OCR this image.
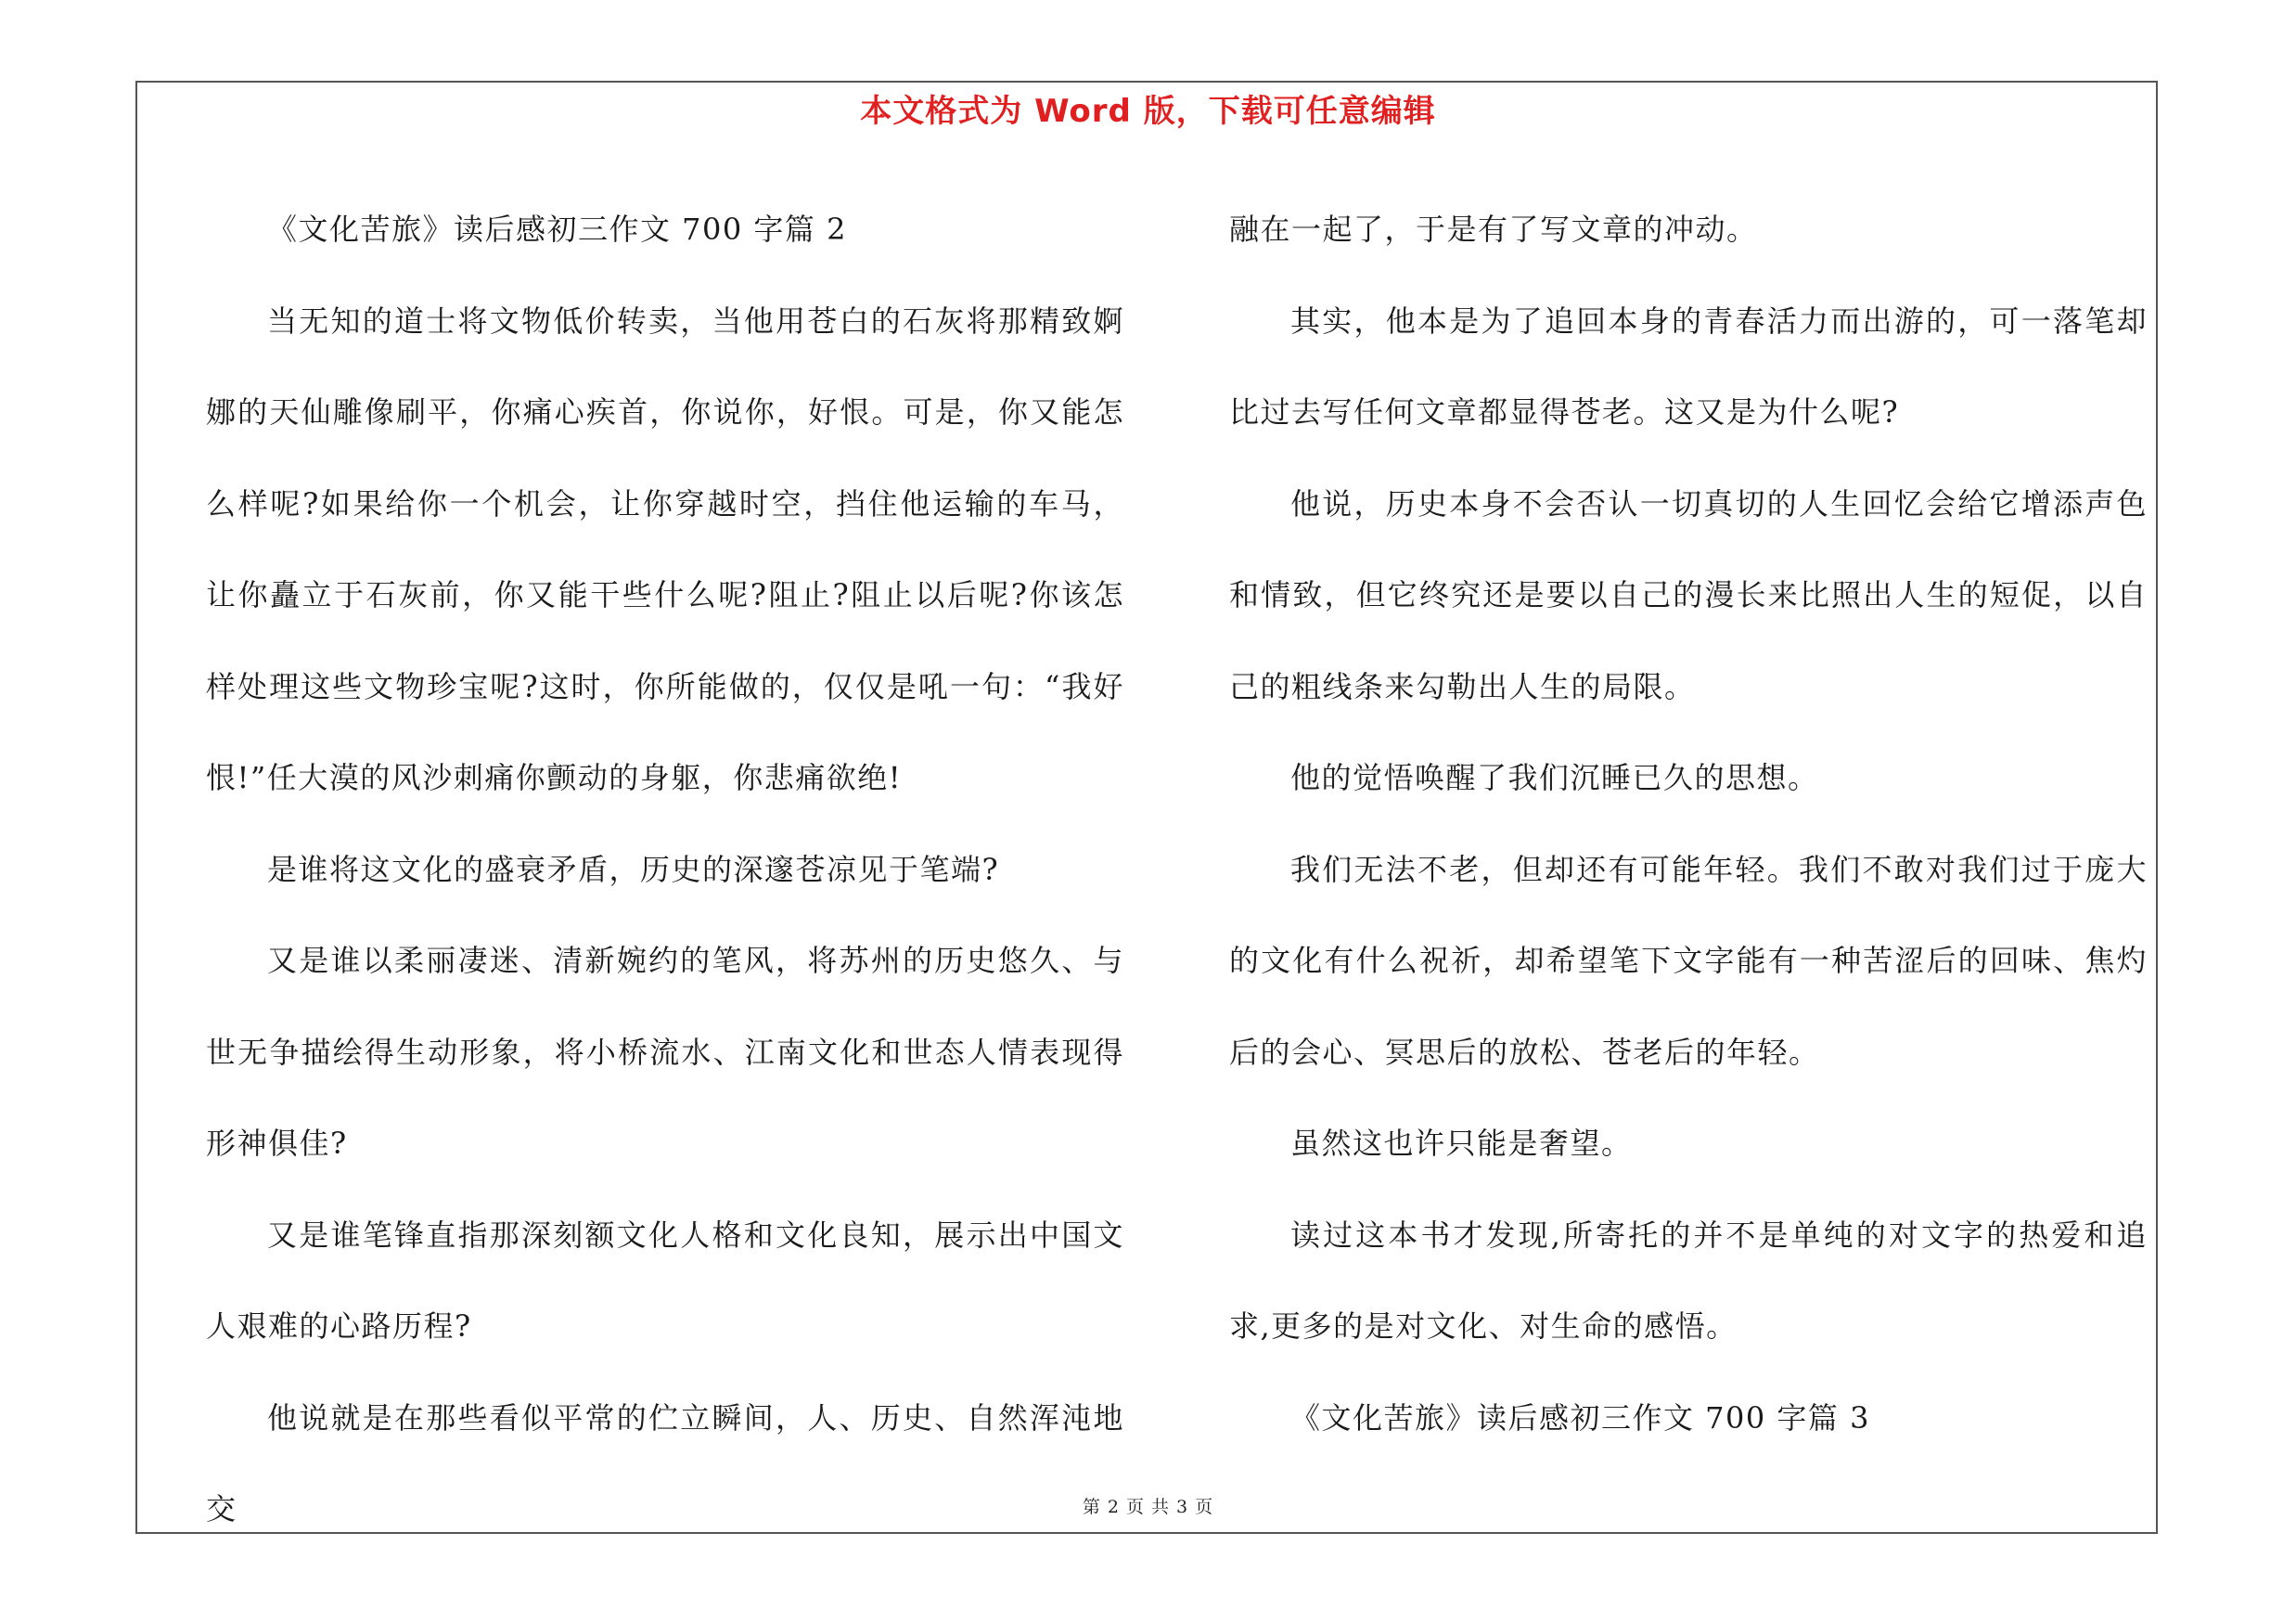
本文格式为 Word 版，下载可任意编辑

《文化苦旅》读后感初三作文 700 字篇 2

当无知的道士将文物低价转卖，当他用苍白的石灰将那精致婀娜的天仙雕像刷平，你痛心疾首，你说你，好恨。可是，你又能怎么样呢?如果给你一个机会，让你穿越时空，挡住他运输的车马，让你矗立于石灰前，你又能干些什么呢?阻止?阻止以后呢?你该怎样处理这些文物珍宝呢?这时，你所能做的，仅仅是吼一句：“我好恨!”任大漠的风沙刺痛你颤动的身躯，你悲痛欲绝!

是谁将这文化的盛衰矛盾，历史的深邃苍凉见于笔端?

又是谁以柔丽凄迷、清新婉约的笔风，将苏州的历史悠久、与世无争描绘得生动形象，将小桥流水、江南文化和世态人情表现得形神俱佳?

又是谁笔锋直指那深刻额文化人格和文化良知，展示出中国文人艰难的心路历程?

他说就是在那些看似平常的伫立瞬间，人、历史、自然浑沌地交

融在一起了，于是有了写文章的冲动。

其实，他本是为了追回本身的青春活力而出游的，可一落笔却比过去写任何文章都显得苍老。这又是为什么呢?

他说，历史本身不会否认一切真切的人生回忆会给它增添声色和情致，但它终究还是要以自己的漫长来比照出人生的短促，以自己的粗线条来勾勒出人生的局限。

他的觉悟唤醒了我们沉睡已久的思想。

我们无法不老，但却还有可能年轻。我们不敢对我们过于庞大的文化有什么祝祈，却希望笔下文字能有一种苦涩后的回味、焦灼后的会心、冥思后的放松、苍老后的年轻。

虽然这也许只能是奢望。

读过这本书才发现,所寄托的并不是单纯的对文字的热爱和追求,更多的是对文化、对生命的感悟。

《文化苦旅》读后感初三作文 700 字篇 3

第 2 页 共 3 页
